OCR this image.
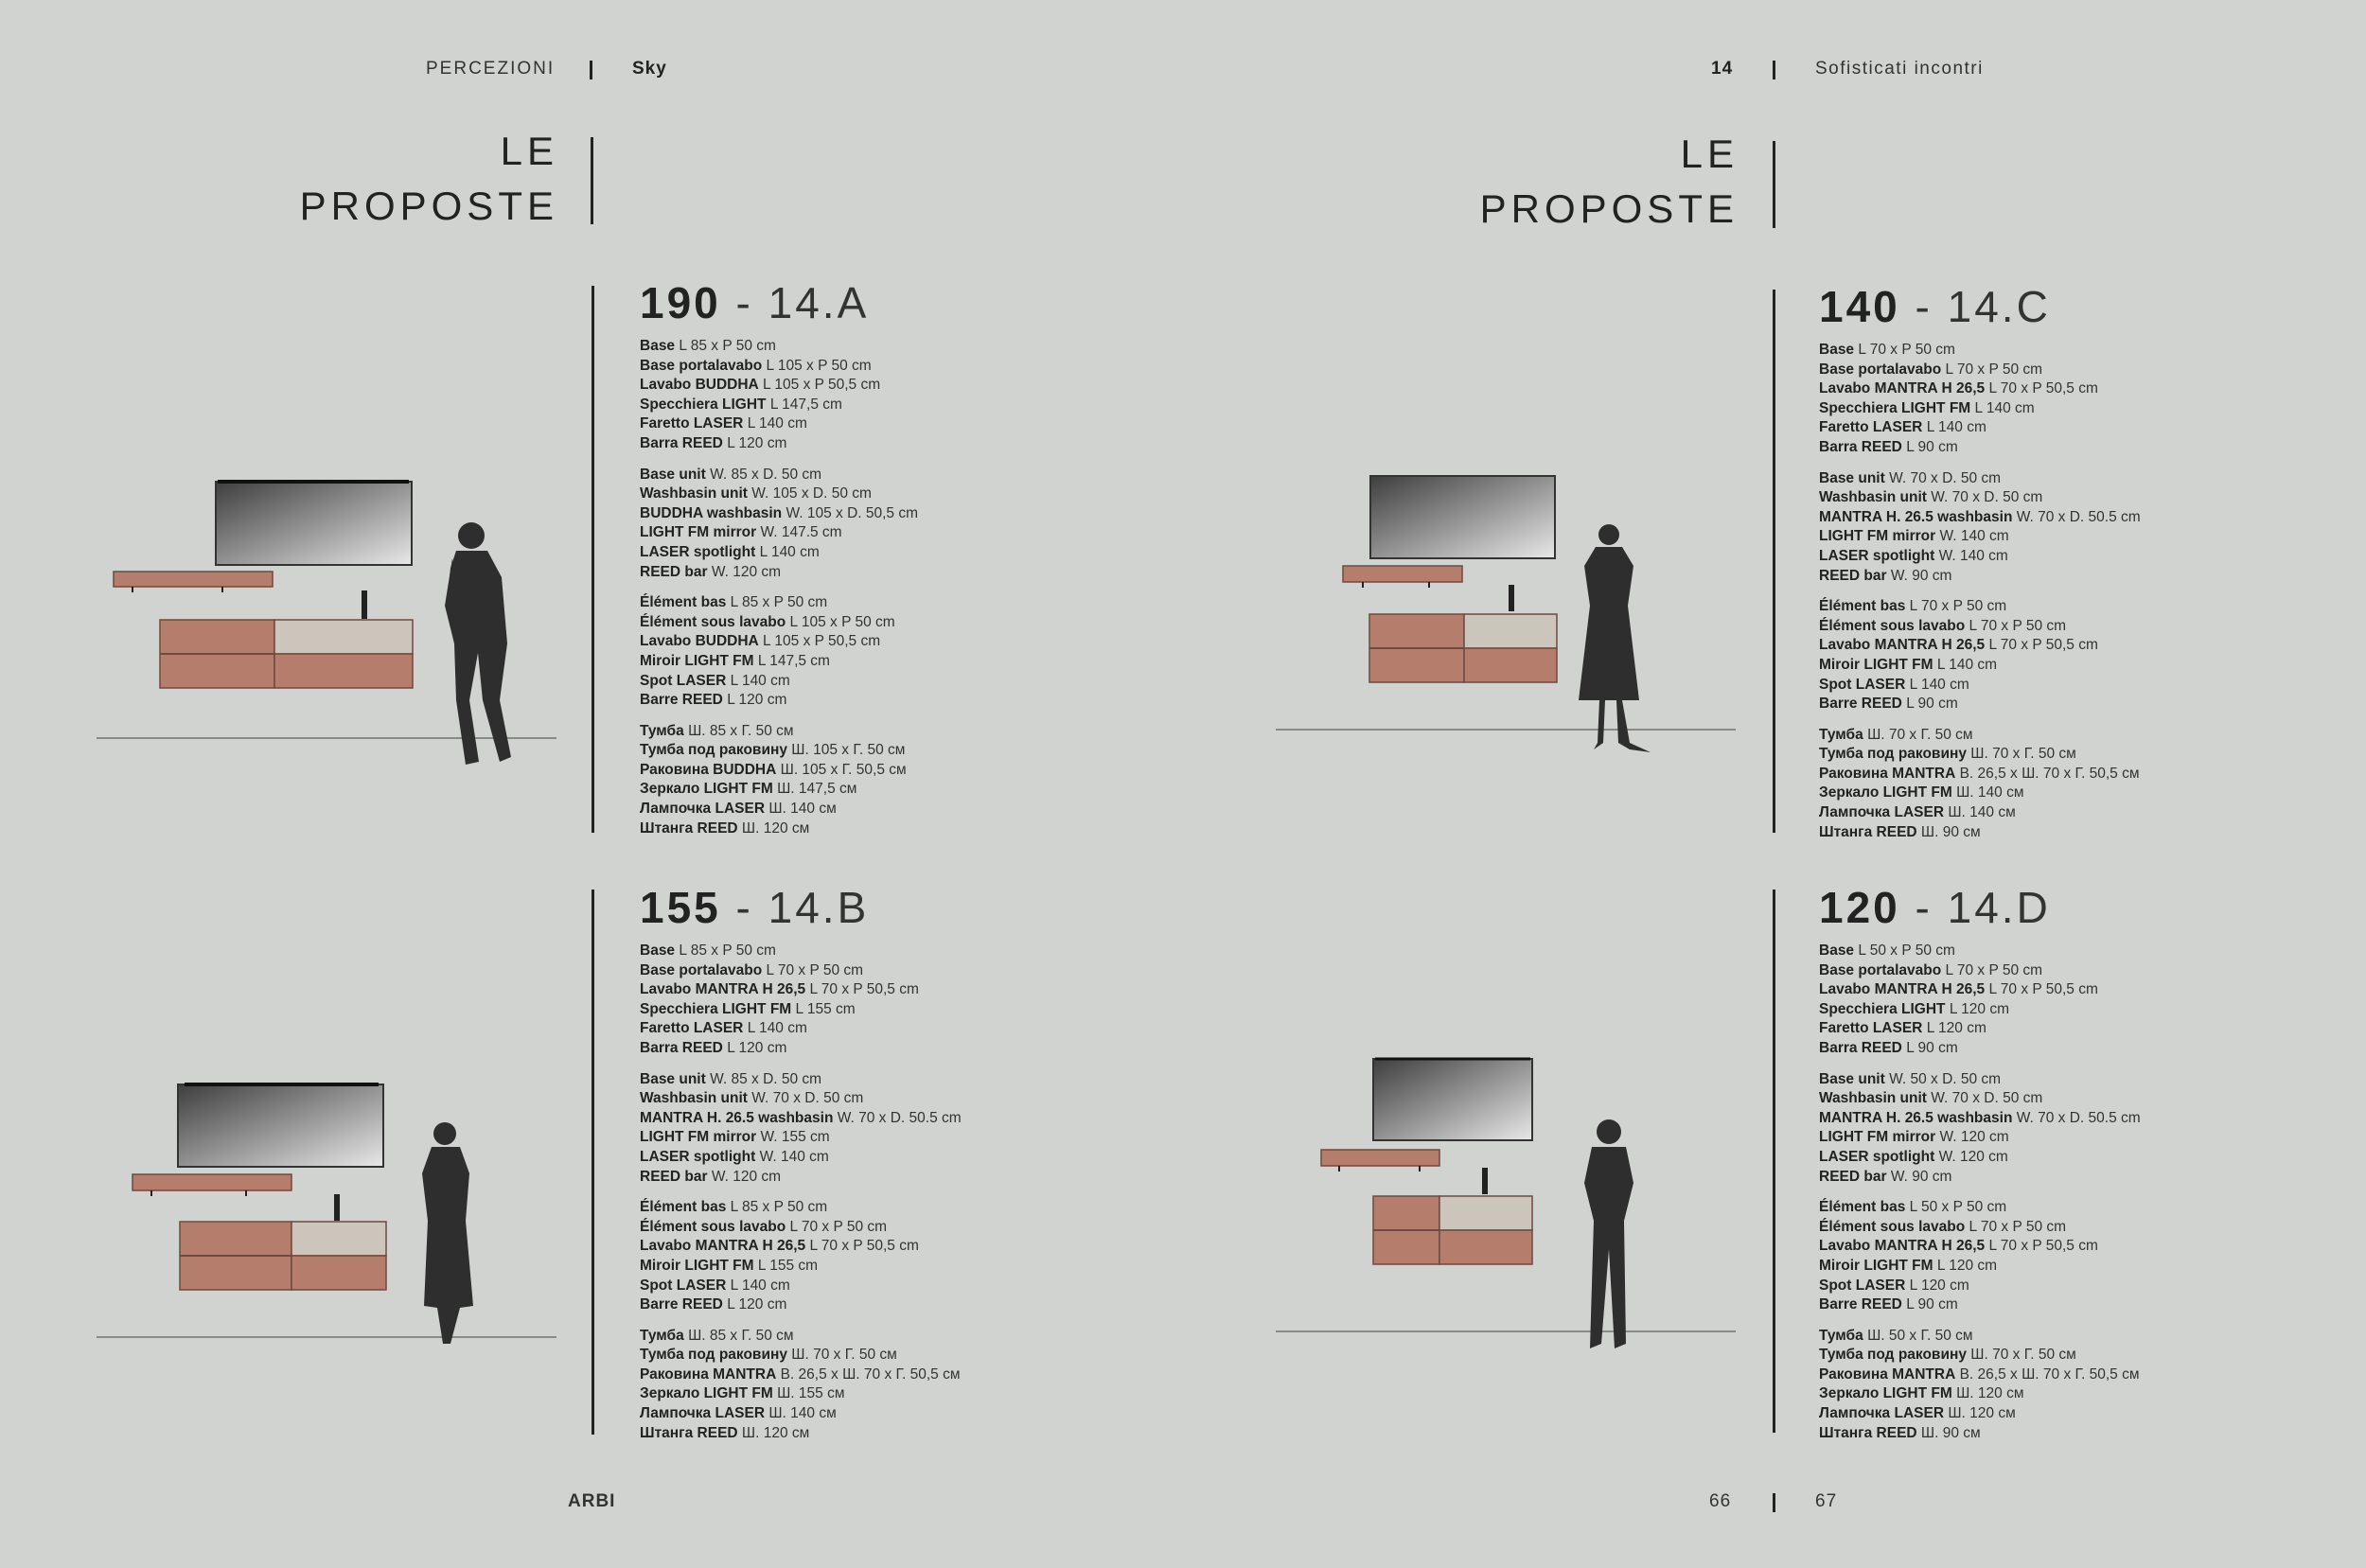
PERCEZIONI	Sky	14	Sofisticati incontri
LE
PROPOSTE
LE
PROPOSTE
190 - 14.A
Base L 85 x P 50 cm
Base portalavabo L 105 x P 50 cm
Lavabo BUDDHA L 105 x P 50,5 cm
Specchiera LIGHT L 147,5 cm
Faretto LASER L 140 cm
Barra REED L 120 cm
Base unit W. 85 x D. 50 cm
Washbasin unit W. 105 x D. 50 cm
BUDDHA washbasin W. 105 x D. 50,5 cm
LIGHT FM mirror W. 147.5 cm
LASER spotlight L 140 cm
REED bar W. 120 cm
Élément bas L 85 x P 50 cm
Élément sous lavabo L 105 x P 50 cm
Lavabo BUDDHA L 105 x P 50,5 cm
Miroir LIGHT FM L 147,5 cm
Spot LASER L 140 cm
Barre REED L 120 cm
Тумба Ш. 85 х Г. 50 см
Тумба под раковину Ш. 105 х Г. 50 см
Раковина BUDDHA Ш. 105 х Г. 50,5 см
Зеркало LIGHT FM Ш. 147,5 см
Лампочка LASER Ш. 140 см
Штанга REED Ш. 120 см
155 - 14.B
Base L 85 x P 50 cm
Base portalavabo L 70 x P 50 cm
Lavabo MANTRA H 26,5 L 70 x P 50,5 cm
Specchiera LIGHT FM L 155 cm
Faretto LASER L 140 cm
Barra REED L 120 cm
Base unit W. 85 x D. 50 cm
Washbasin unit W. 70 x D. 50 cm
MANTRA H. 26.5 washbasin W. 70 x D. 50.5 cm
LIGHT FM mirror W. 155 cm
LASER spotlight W. 140 cm
REED bar W. 120 cm
Élément bas L 85 x P 50 cm
Élément sous lavabo L 70 x P 50 cm
Lavabo MANTRA H 26,5 L 70 x P 50,5 cm
Miroir LIGHT FM L 155 cm
Spot LASER L 140 cm
Barre REED L 120 cm
Тумба Ш. 85 х Г. 50 см
Тумба под раковину Ш. 70 х Г. 50 см
Раковина MANTRA В. 26,5 х Ш. 70 х Г. 50,5 см
Зеркало LIGHT FM Ш. 155 см
Лампочка LASER Ш. 140 см
Штанга REED Ш. 120 см
140 - 14.C
Base L 70 x P 50 cm
Base portalavabo L 70 x P 50 cm
Lavabo MANTRA H 26,5 L 70 x P 50,5 cm
Specchiera LIGHT FM L 140 cm
Faretto LASER L 140 cm
Barra REED L 90 cm
Base unit W. 70 x D. 50 cm
Washbasin unit W. 70 x D. 50 cm
MANTRA H. 26.5 washbasin W. 70 x D. 50.5 cm
LIGHT FM mirror W. 140 cm
LASER spotlight W. 140 cm
REED bar W. 90 cm
Élément bas L 70 x P 50 cm
Élément sous lavabo L 70 x P 50 cm
Lavabo MANTRA H 26,5 L 70 x P 50,5 cm
Miroir LIGHT FM L 140 cm
Spot LASER L 140 cm
Barre REED L 90 cm
Тумба Ш. 70 х Г. 50 см
Тумба под раковину Ш. 70 х Г. 50 см
Раковина MANTRA В. 26,5 х Ш. 70 х Г. 50,5 см
Зеркало LIGHT FM Ш. 140 см
Лампочка LASER Ш. 140 см
Штанга REED Ш. 90 см
120 - 14.D
Base L 50 x P 50 cm
Base portalavabo L 70 x P 50 cm
Lavabo MANTRA H 26,5 L 70 x P 50,5 cm
Specchiera LIGHT L 120 cm
Faretto LASER L 120 cm
Barra REED L 90 cm
Base unit W. 50 x D. 50 cm
Washbasin unit W. 70 x D. 50 cm
MANTRA H. 26.5 washbasin W. 70 x D. 50.5 cm
LIGHT FM mirror W. 120 cm
LASER spotlight W. 120 cm
REED bar W. 90 cm
Élément bas L 50 x P 50 cm
Élément sous lavabo L 70 x P 50 cm
Lavabo MANTRA H 26,5 L 70 x P 50,5 cm
Miroir LIGHT FM L 120 cm
Spot LASER L 120 cm
Barre REED L 90 cm
Тумба Ш. 50 х Г. 50 см
Тумба под раковину Ш. 70 х Г. 50 см
Раковина MANTRA В. 26,5 х Ш. 70 х Г. 50,5 см
Зеркало LIGHT FM Ш. 120 см
Лампочка LASER Ш. 120 см
Штанга REED Ш. 90 см
ARBI	66	67
